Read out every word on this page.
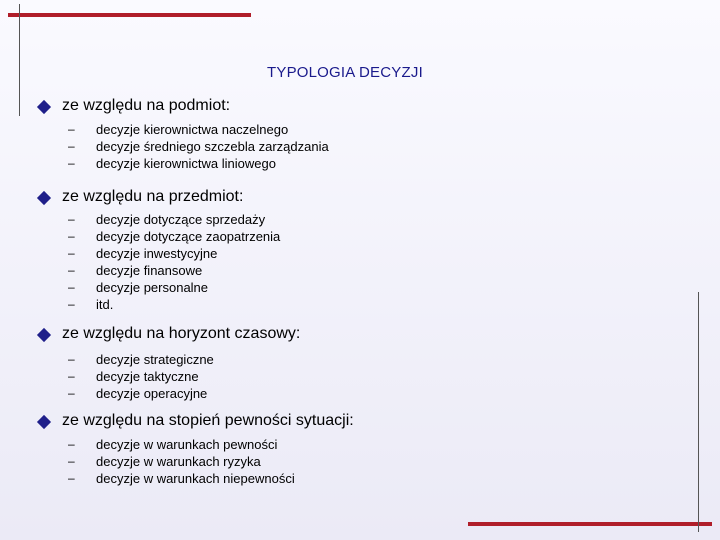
TYPOLOGIA DECYZJI
ze względu na podmiot:
– decyzje kierownictwa naczelnego
– decyzje średniego szczebla zarządzania
– decyzje kierownictwa liniowego
ze względu na przedmiot:
– decyzje dotyczące sprzedaży
– decyzje dotyczące zaopatrzenia
– decyzje inwestycyjne
– decyzje finansowe
– decyzje personalne
– itd.
ze względu na horyzont czasowy:
– decyzje strategiczne
– decyzje taktyczne
– decyzje operacyjne
ze względu na stopień pewności sytuacji:
– decyzje w warunkach pewności
– decyzje w warunkach ryzyka
– decyzje w warunkach niepewności
